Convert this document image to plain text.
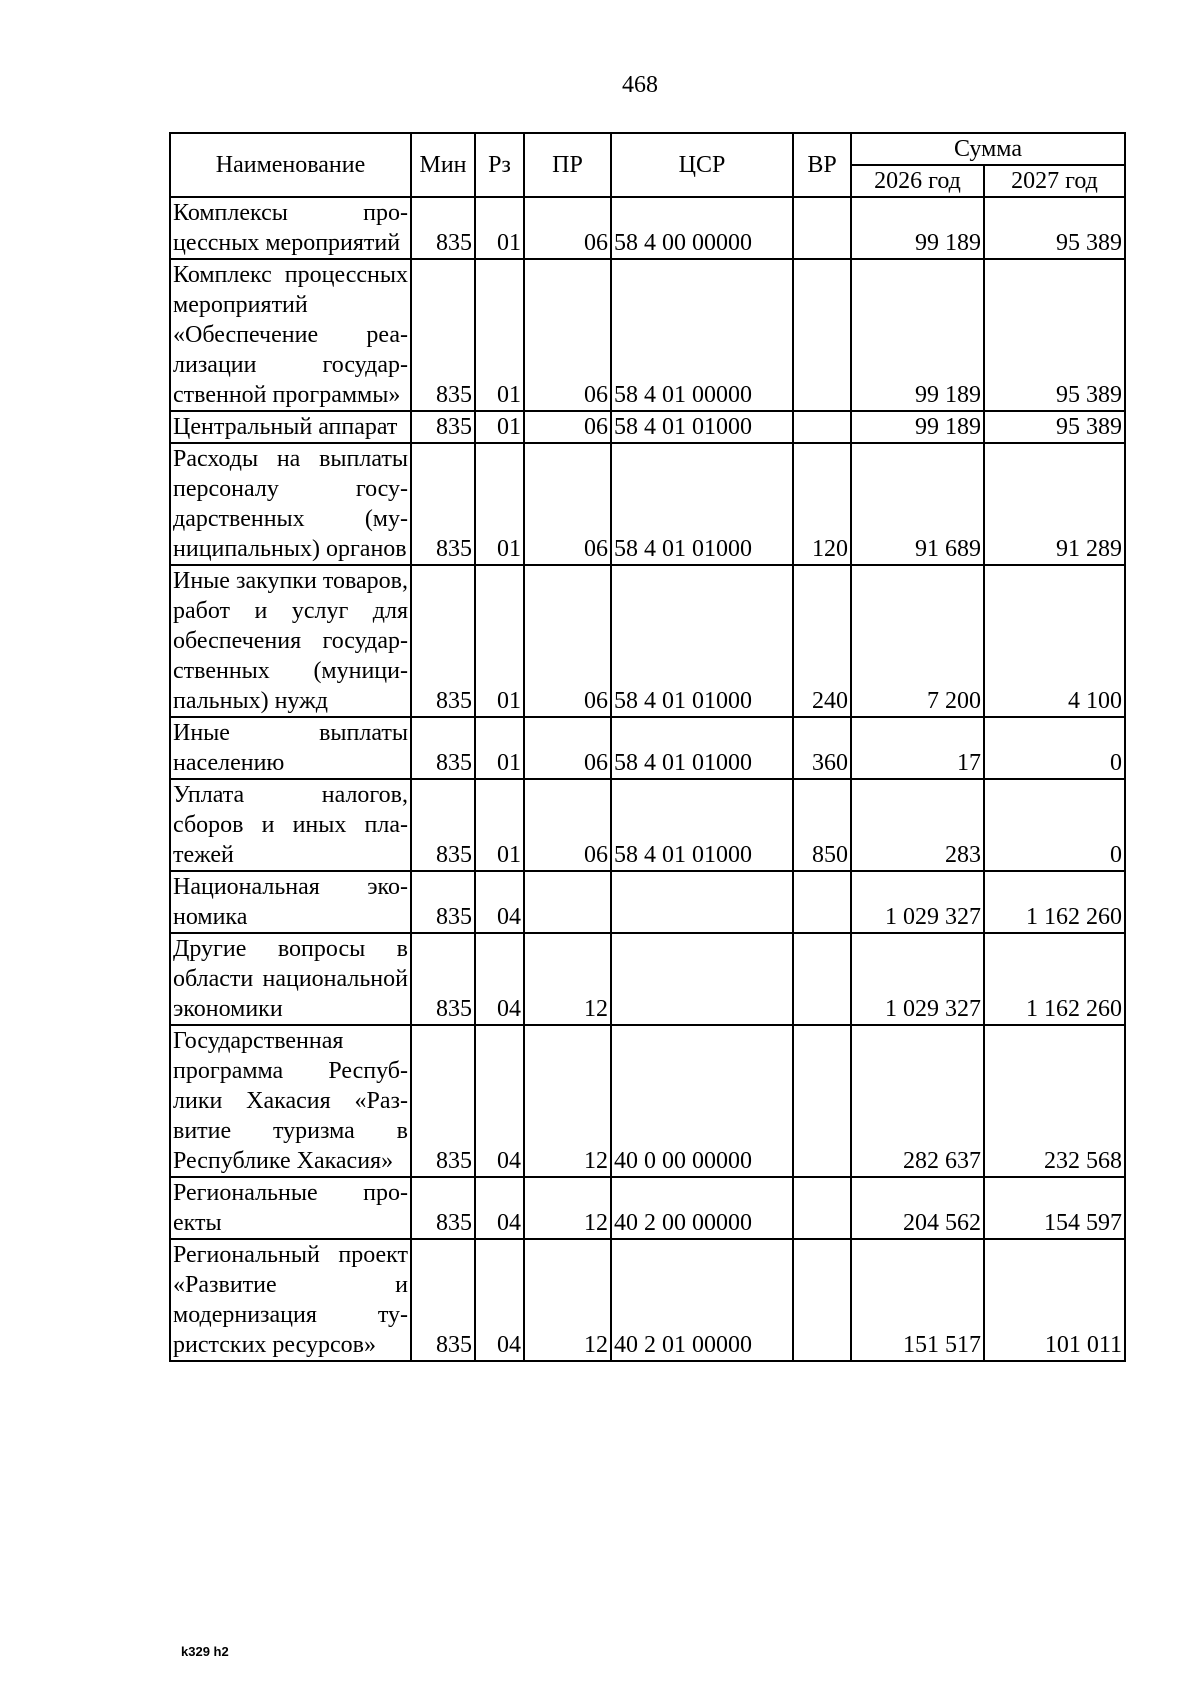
468
Наименование	Мин	Рз	ПР	ЦСР	ВР	Сумма	
						2026 год	2027 год
Комплексы процессных мероприятий	835	01	06	58 4 00 00000		99 189	95 389
Комплекс процессных мероприятий «Обеспечение реализации государственной программы»	835	01	06	58 4 01 00000		99 189	95 389
Центральный аппарат	835	01	06	58 4 01 01000		99 189	95 389
Расходы на выплаты персоналу государственных (муниципальных) органов	835	01	06	58 4 01 01000	120	91 689	91 289
Иные закупки товаров, работ и услуг для обеспечения государственных (муниципальных) нужд	835	01	06	58 4 01 01000	240	7 200	4 100
Иные выплаты населению	835	01	06	58 4 01 01000	360	17	0
Уплата налогов, сборов и иных платежей	835	01	06	58 4 01 01000	850	283	0
Национальная экономика	835	04				1 029 327	1 162 260
Другие вопросы в области национальной экономики	835	04	12			1 029 327	1 162 260
Государственная программа Республики Хакасия «Развитие туризма в Республике Хакасия»	835	04	12	40 0 00 00000		282 637	232 568
Региональные проекты	835	04	12	40 2 00 00000		204 562	154 597
Региональный проект «Развитие и модернизация туристских ресурсов»	835	04	12	40 2 01 00000		151 517	101 011
k329 h2
